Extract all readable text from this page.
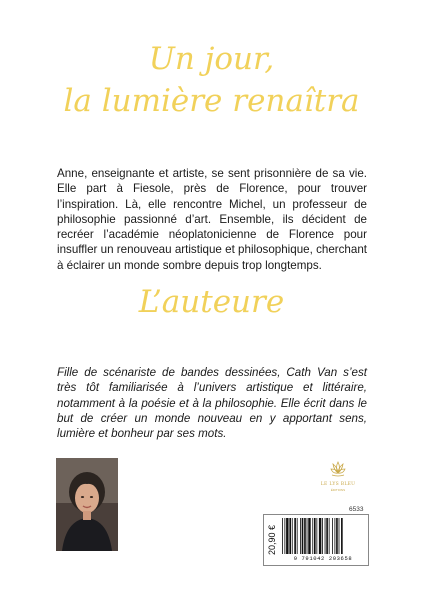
Un jour,
la lumière renaîtra

Anne, enseignante et artiste, se sent prisonnière de sa vie. Elle part à Fiesole, près de Florence, pour trouver l’inspiration. Là, elle rencontre Michel, un professeur de philosophie passionné d’art. Ensemble, ils décident de recréer l’académie néoplatonicienne de Florence pour insuffler un renouveau artistique et philosophique, cherchant à éclairer un monde sombre depuis trop longtemps.

L’auteure

Fille de scénariste de bandes dessinées, Cath Van s’est très tôt familiarisée à l’univers artistique et littéraire, notamment à la poésie et à la philosophie. Elle écrit dans le but de créer un monde nouveau en y apportant sens, lumière et bonheur par ses mots.

LE LYS BLEU
ÉDITIONS
6533
20,90 €
9 791042 203658
